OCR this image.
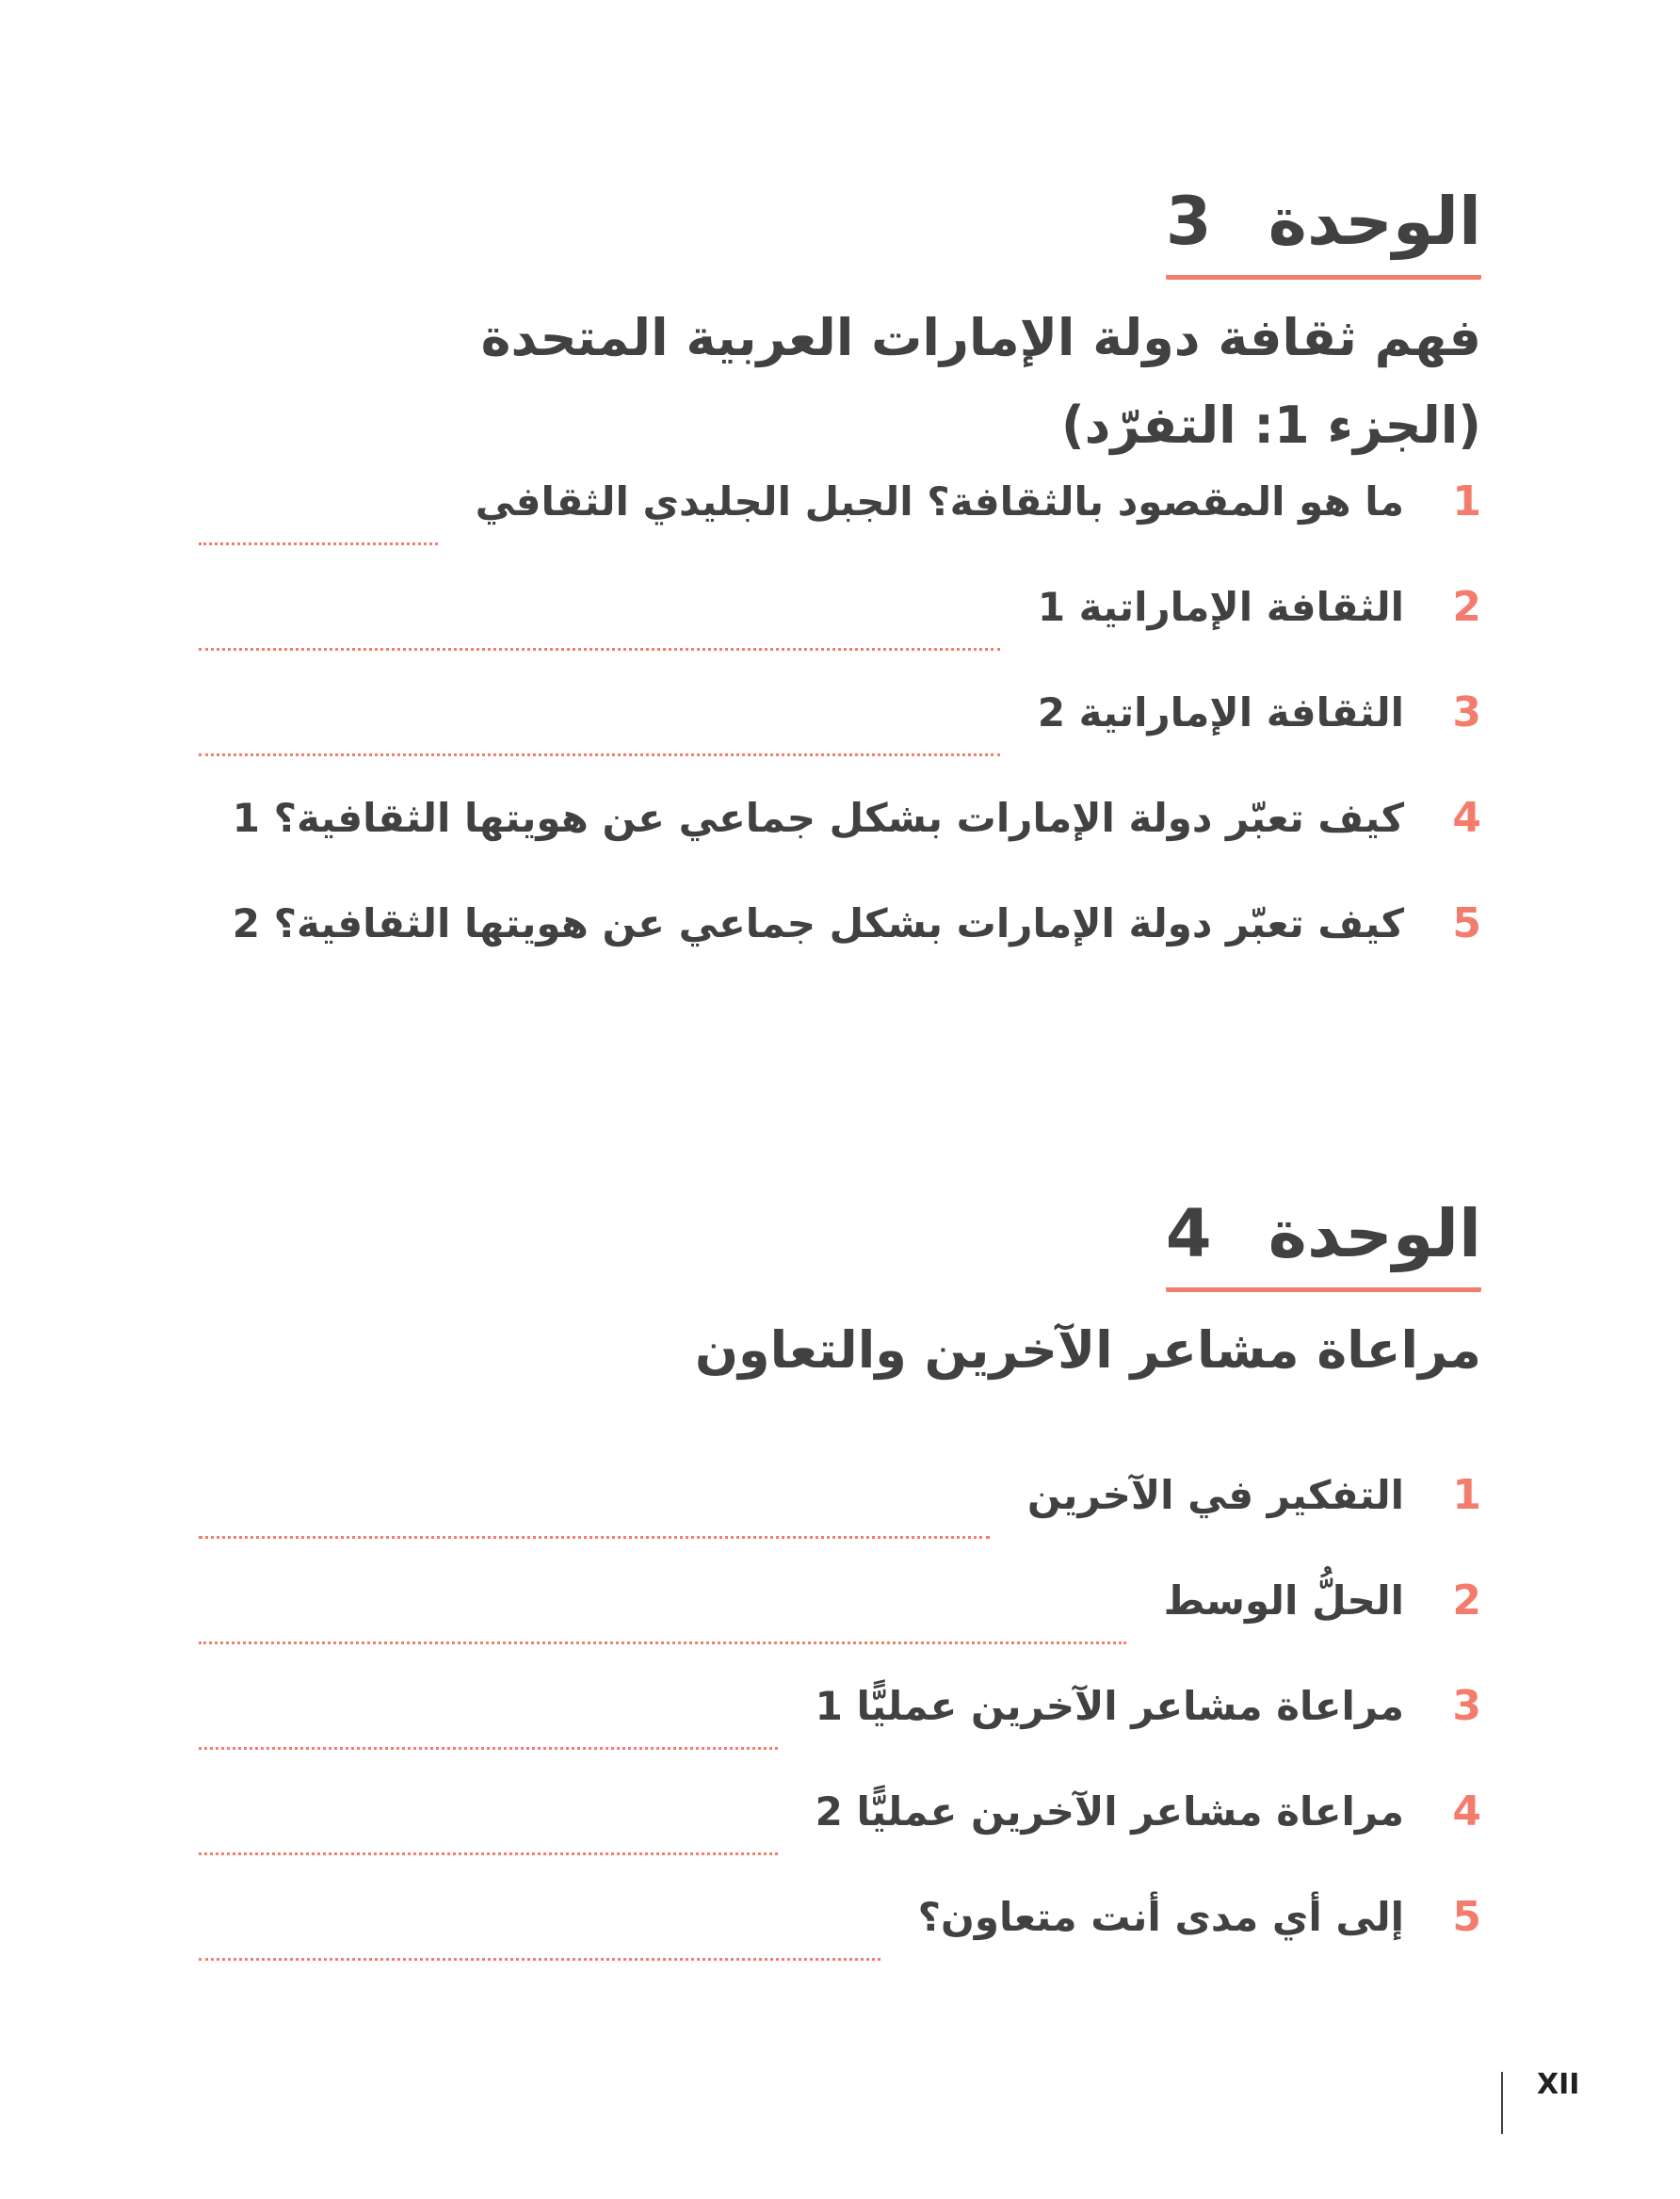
الوحدة3
فهم ثقافة دولة الإمارات العربية المتحدة
(الجزء 1: التفرّد)
1
ما هو المقصود بالثقافة؟ الجبل الجليدي الثقافي
2
الثقافة الإماراتية 1
3
الثقافة الإماراتية 2
4
كيف تعبّر دولة الإمارات بشكل جماعي عن هويتها الثقافية؟ 1
5
كيف تعبّر دولة الإمارات بشكل جماعي عن هويتها الثقافية؟ 2
الوحدة4
مراعاة مشاعر الآخرين والتعاون
1
التفكير في الآخرين
2
الحلُّ الوسط
3
مراعاة مشاعر الآخرين عمليًّا 1
4
مراعاة مشاعر الآخرين عمليًّا 2
5
إلى أي مدى أنت متعاون؟
XII
